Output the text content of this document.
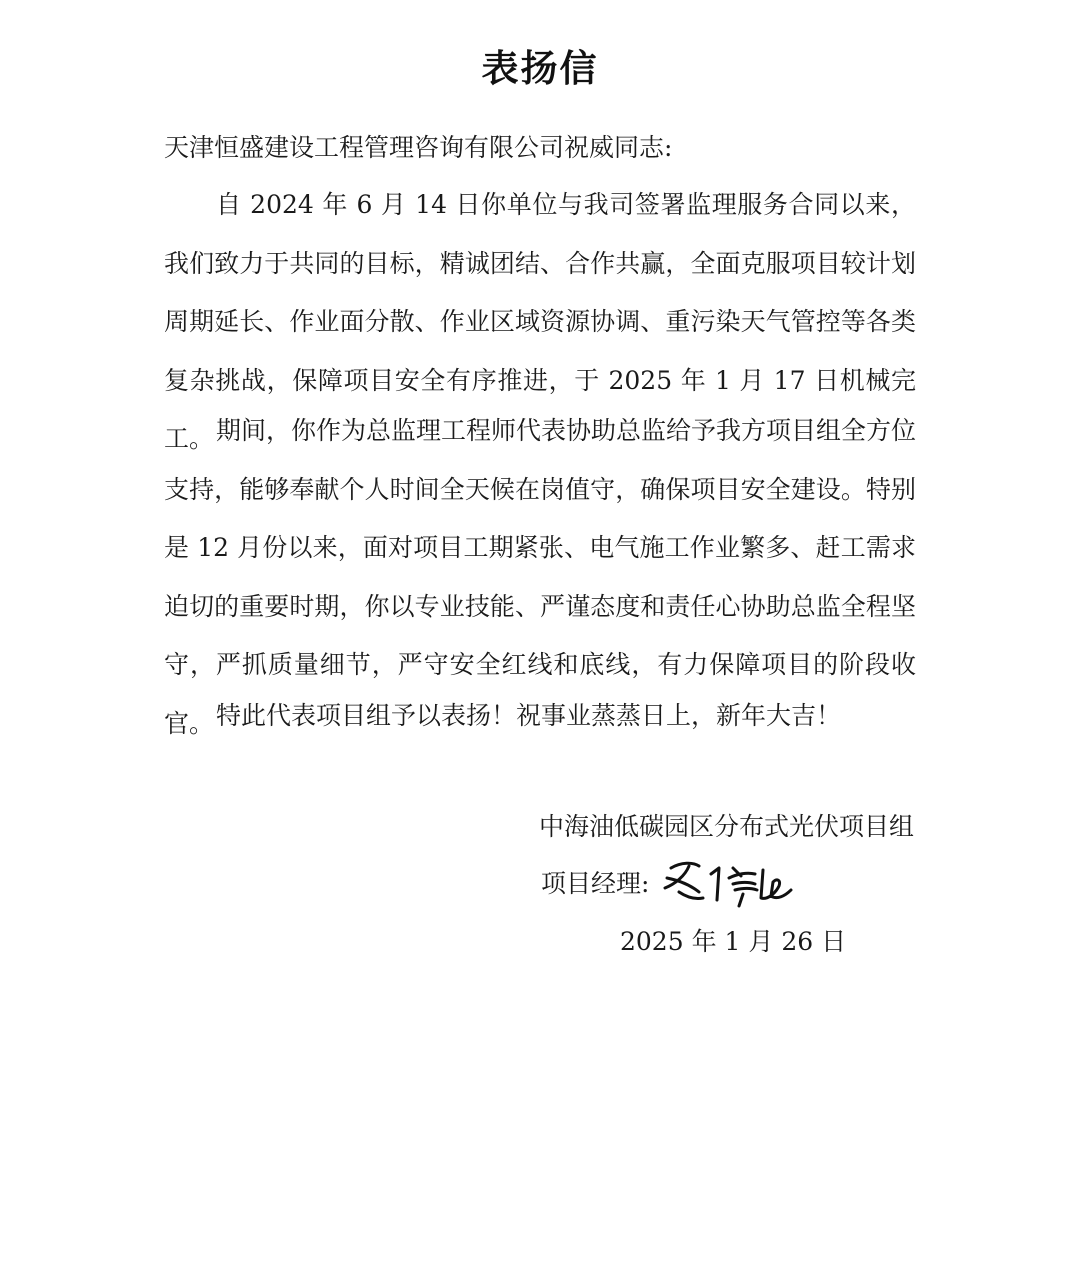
表扬信
天津恒盛建设工程管理咨询有限公司祝威同志:

自 2024 年 6 月 14 日你单位与我司签署监理服务合同以来，我们致力于共同的目标，精诚团结、合作共赢，全面克服项目较计划周期延长、作业面分散、作业区域资源协调、重污染天气管控等各类复杂挑战，保障项目安全有序推进，于 2025 年 1 月 17 日机械完工。 期间，你作为总监理工程师代表协助总监给予我方项目组全方位支持，能够奉献个人时间全天候在岗值守，确保项目安全建设。特别是 12 月份以来，面对项目工期紧张、电气施工作业繁多、赶工需求迫切的重要时期，你以专业技能、严谨态度和责任心协助总监全程坚守，严抓质量细节，严守安全红线和底线，有力保障项目的阶段收官。 特此代表项目组予以表扬！祝事业蒸蒸日上，新年大吉！

中海油低碳园区分布式光伏项目组
项目经理:
2025 年 1 月 26 日
